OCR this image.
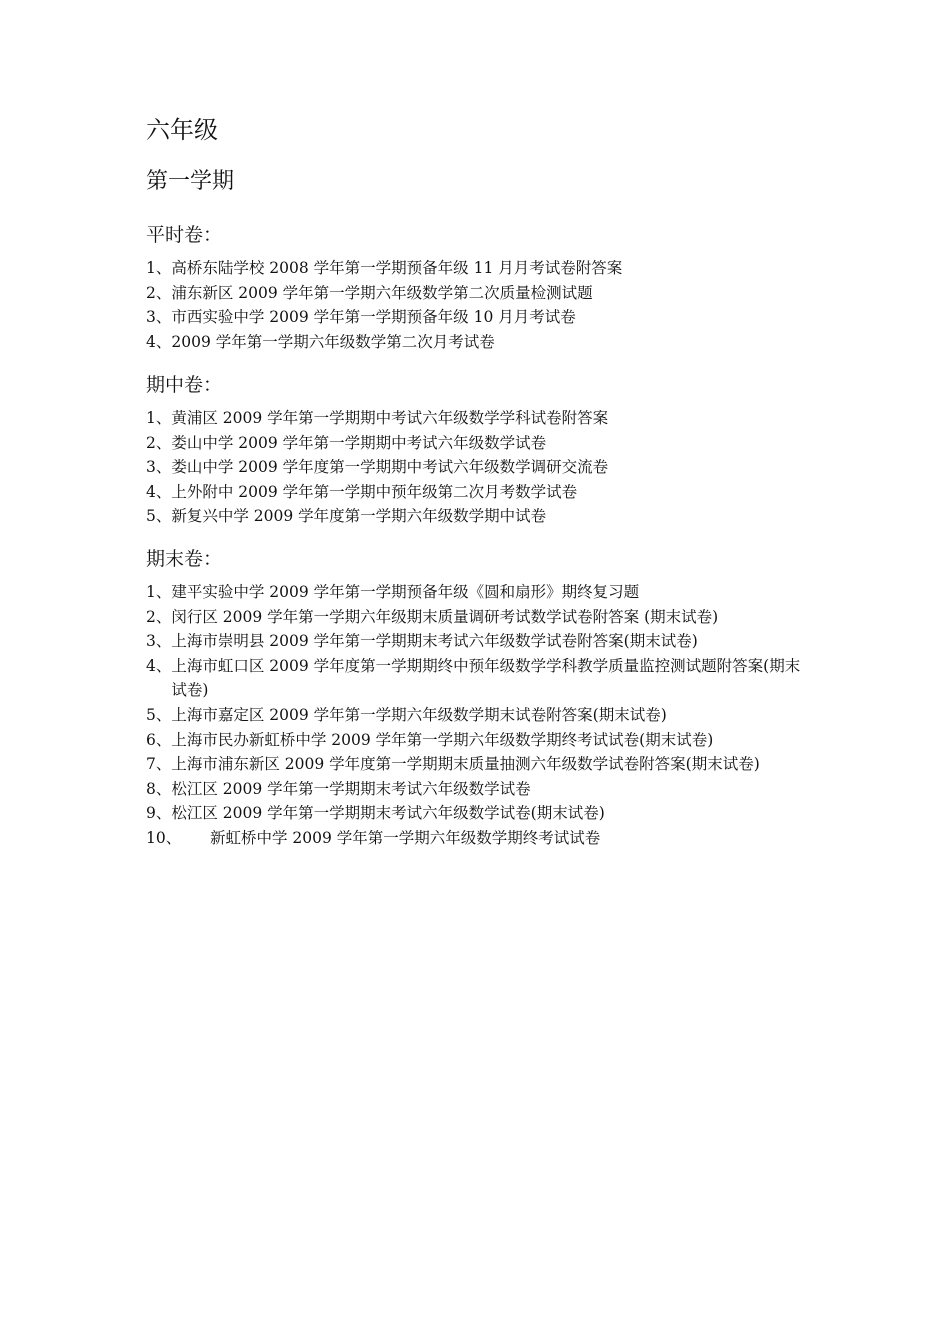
六年级
第一学期
平时卷：
1、 高桥东陆学校 2008 学年第一学期预备年级 11 月月考试卷附答案
2、 浦东新区 2009 学年第一学期六年级数学第二次质量检测试题
3、 市西实验中学 2009 学年第一学期预备年级 10 月月考试卷
4、 2009 学年第一学期六年级数学第二次月考试卷
期中卷：
1、 黄浦区 2009 学年第一学期期中考试六年级数学学科试卷附答案
2、 娄山中学 2009 学年第一学期期中考试六年级数学试卷
3、 娄山中学 2009 学年度第一学期期中考试六年级数学调研交流卷
4、 上外附中 2009 学年第一学期中预年级第二次月考数学试卷
5、 新复兴中学 2009 学年度第一学期六年级数学期中试卷
期末卷：
1、 建平实验中学 2009 学年第一学期预备年级《圆和扇形》期终复习题
2、 闵行区 2009 学年第一学期六年级期末质量调研考试数学试卷附答案 (期末试卷)
3、 上海市崇明县 2009 学年第一学期期末考试六年级数学试卷附答案(期末试卷)
4、 上海市虹口区 2009 学年度第一学期期终中预年级数学学科教学质量监控测试题附答案(期末试卷)
5、 上海市嘉定区 2009 学年第一学期六年级数学期末试卷附答案(期末试卷)
6、 上海市民办新虹桥中学 2009 学年第一学期六年级数学期终考试试卷(期末试卷)
7、 上海市浦东新区 2009 学年度第一学期期末质量抽测六年级数学试卷附答案(期末试卷)
8、 松江区 2009 学年第一学期期末考试六年级数学试卷
9、 松江区 2009 学年第一学期期末考试六年级数学试卷(期末试卷)
10、	新虹桥中学 2009 学年第一学期六年级数学期终考试试卷
